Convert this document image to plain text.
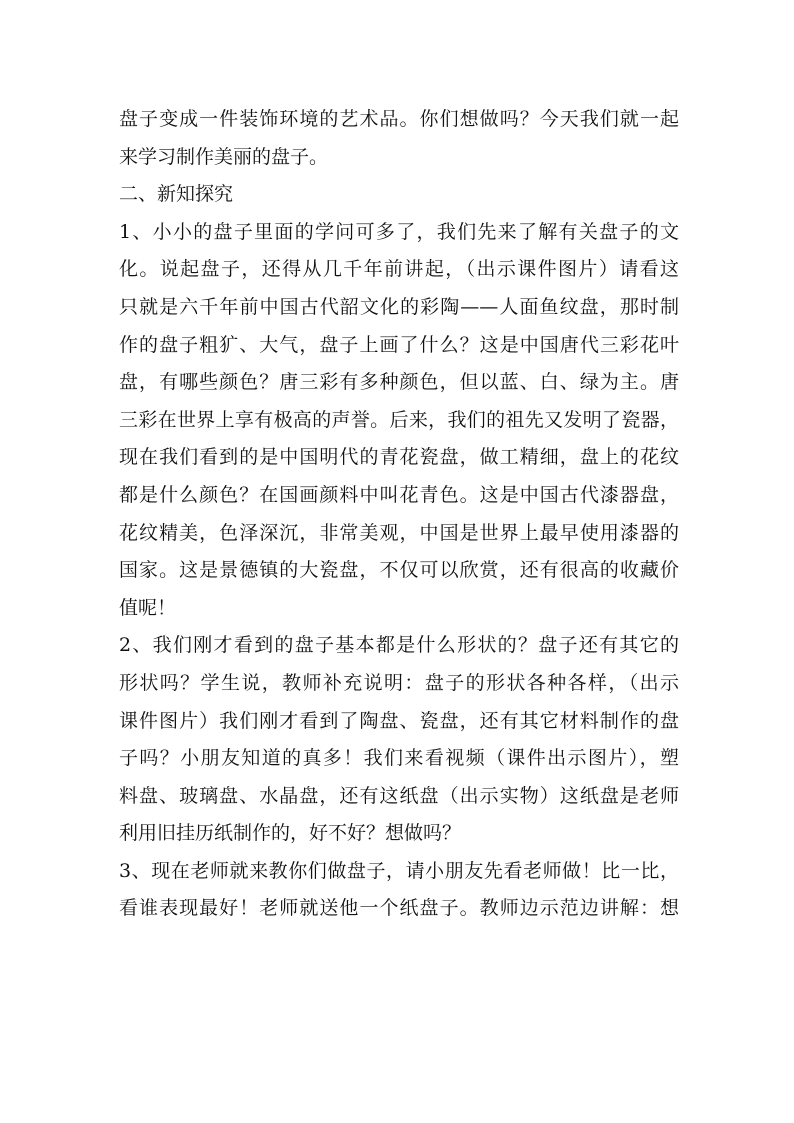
盘子变成一件装饰环境的艺术品。你们想做吗？今天我们就一起
来学习制作美丽的盘子。
二、新知探究
1、小小的盘子里面的学问可多了，我们先来了解有关盘子的文
化。说起盘子，还得从几千年前讲起，（出示课件图片）请看这
只就是六千年前中国古代韶文化的彩陶——人面鱼纹盘，那时制
作的盘子粗犷、大气，盘子上画了什么？这是中国唐代三彩花叶
盘，有哪些颜色？唐三彩有多种颜色，但以蓝、白、绿为主。唐
三彩在世界上享有极高的声誉。后来，我们的祖先又发明了瓷器，
现在我们看到的是中国明代的青花瓷盘，做工精细，盘上的花纹
都是什么颜色？在国画颜料中叫花青色。这是中国古代漆器盘，
花纹精美，色泽深沉，非常美观，中国是世界上最早使用漆器的
国家。这是景德镇的大瓷盘，不仅可以欣赏，还有很高的收藏价
值呢！
2、我们刚才看到的盘子基本都是什么形状的？盘子还有其它的
形状吗？学生说，教师补充说明：盘子的形状各种各样，（出示
课件图片）我们刚才看到了陶盘、瓷盘，还有其它材料制作的盘
子吗？小朋友知道的真多！我们来看视频（课件出示图片），塑
料盘、玻璃盘、水晶盘，还有这纸盘（出示实物）这纸盘是老师
利用旧挂历纸制作的，好不好？想做吗？
3、现在老师就来教你们做盘子，请小朋友先看老师做！比一比，
看谁表现最好！老师就送他一个纸盘子。教师边示范边讲解：想
